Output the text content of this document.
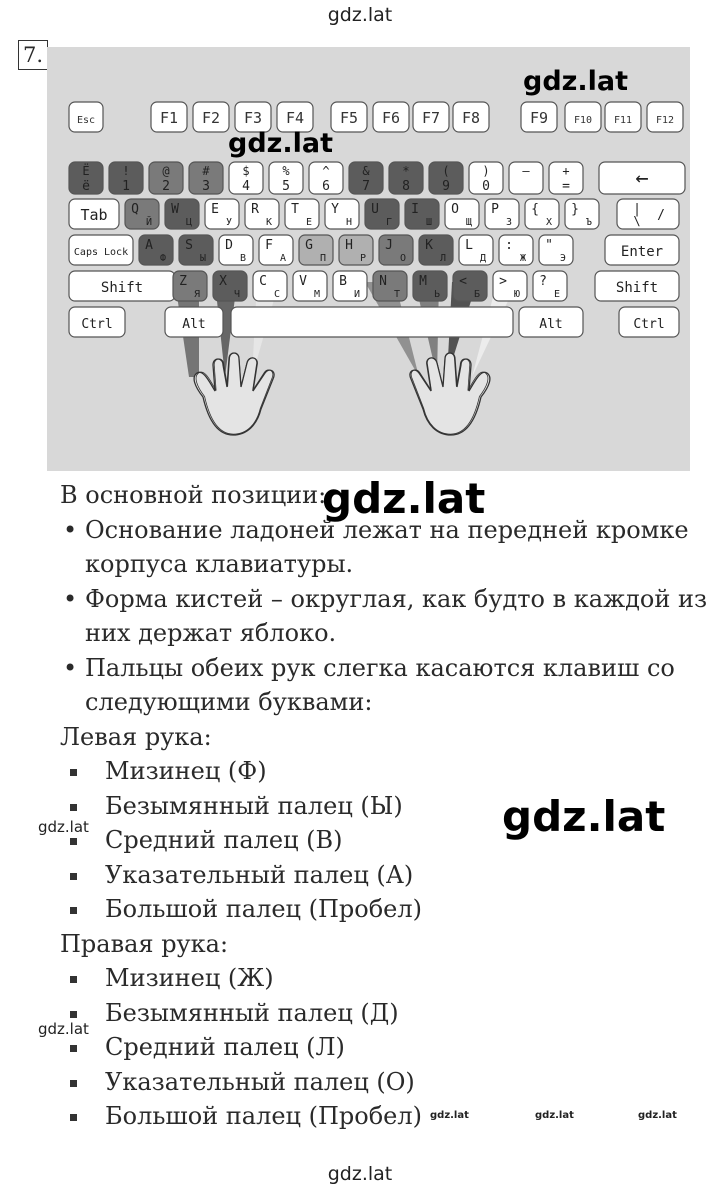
gdz.lat
7.
Esc	F1 F2 F3 F4 F5 F6 F7 F8	F9	F10 F11 F12
Ё
ё
!
1
@
2
#
3
$
4
%
5
^
6
&
7
*
8
(
9
)
0
—	+
=	←
Tab Q
Й
W
Ц
E
У
R
К
T
Е
Y
Н
U
Г
I
Ш
O
Щ
P
З
{
Х
}
Ъ
|
\ /
Caps Lock A
Ф
S
Ы
D
В
F
А
G
П
H
Р
J
О
K
Л
L
Д
:
Ж
"
Э	Enter
Shift	Z
Я
X
Ч
C
С
V
М
B
И
N
Т
M
Ь
<
Б
>
Ю
?
Е	Shift
Ctrl	Alt	Alt	Ctrl
gdz.lat
gdz.lat
В основной позиции:
• Основание ладоней лежат на передней кромке
корпуса клавиатуры.
• Форма кистей – округлая, как будто в каждой из
них держат яблоко.
• Пальцы обеих рук слегка касаются клавиш со
следующими буквами:
Левая рука:
Мизинец (Ф)
Безымянный палец (Ы)
Средний палец (В)
Указательный палец (А)
Большой палец (Пробел)
Правая рука:
Мизинец (Ж)
Безымянный палец (Д)
Средний палец (Л)
Указательный палец (О)
Большой палец (Пробел)
gdz.lat
gdz.lat
gdz.lat
gdz.lat
gdz.lat	gdz.lat	gdz.lat
gdz.lat
